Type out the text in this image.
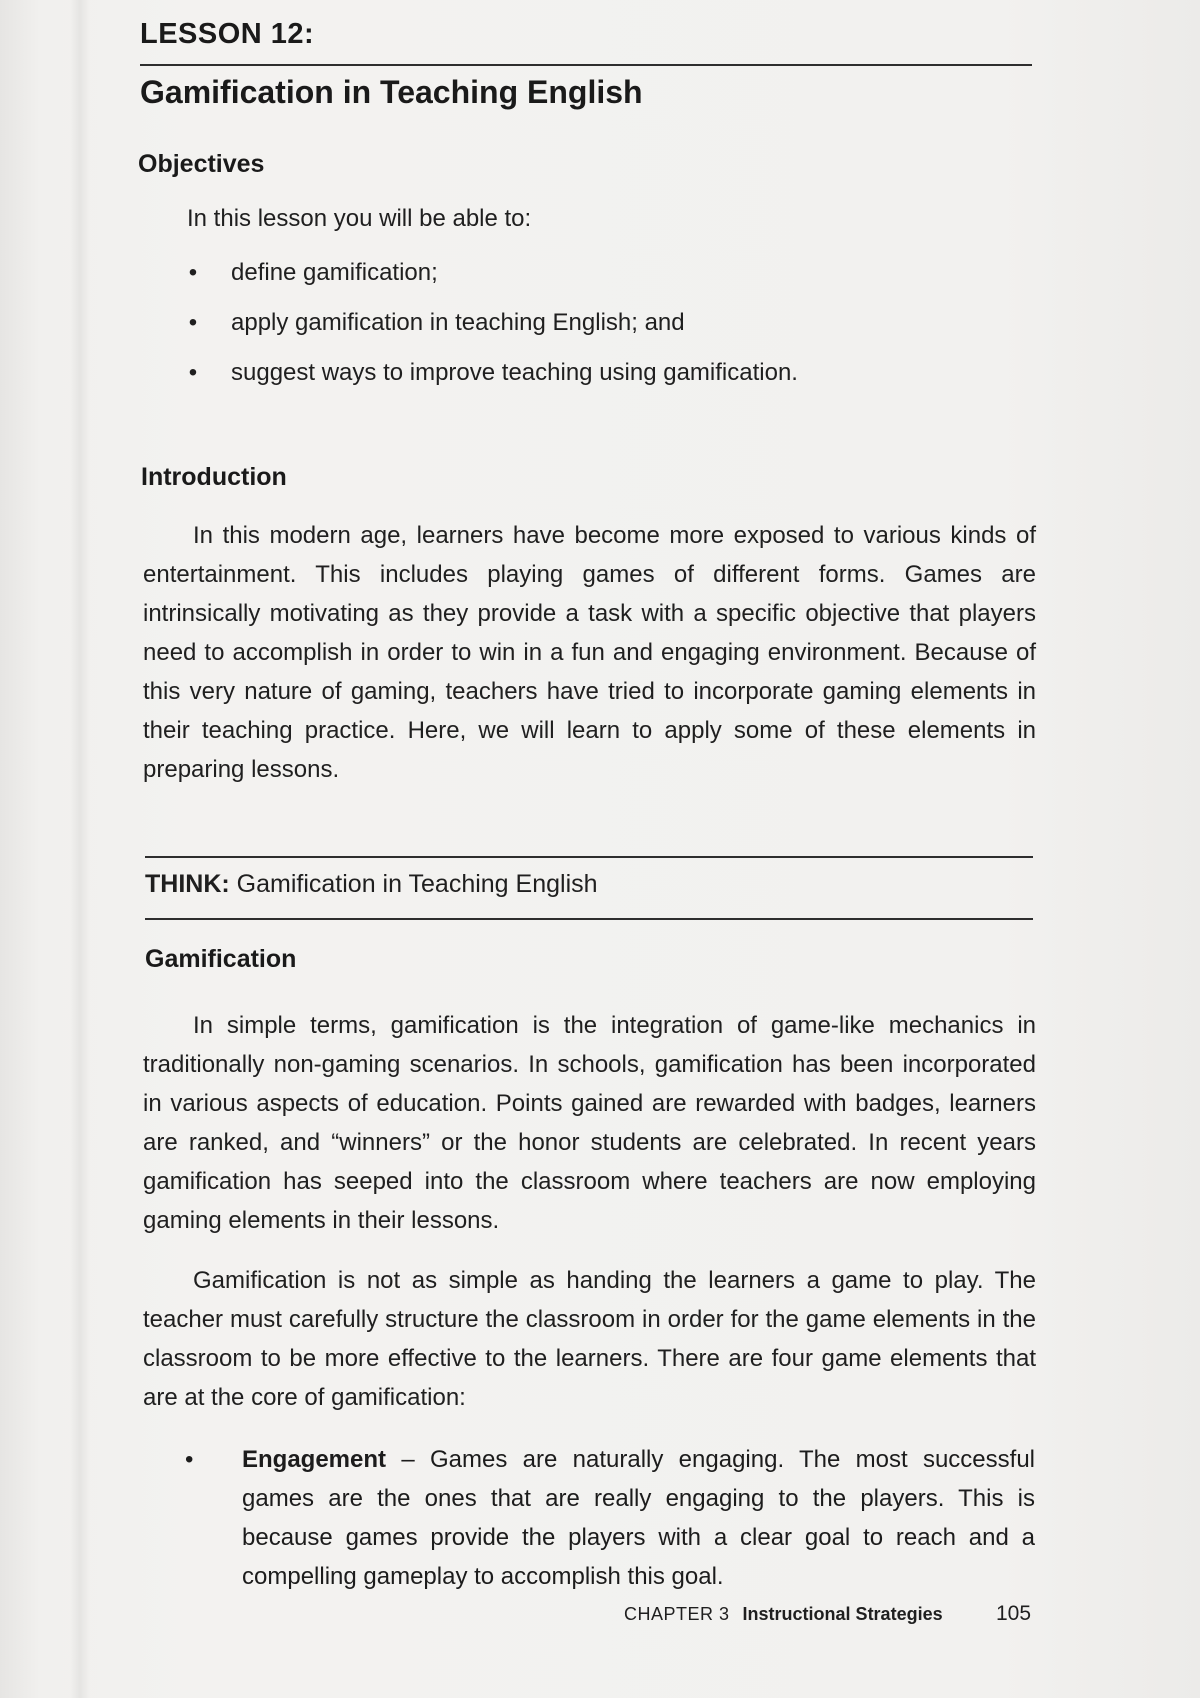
LESSON 12:
Gamification in Teaching English
Objectives
In this lesson you will be able to:
• define gamification;
• apply gamification in teaching English; and
• suggest ways to improve teaching using gamification.
Introduction

In this modern age, learners have become more exposed to various kinds of entertainment. This includes playing games of different forms. Games are intrinsically motivating as they provide a task with a specific objective that players need to accomplish in order to win in a fun and engaging environment. Because of this very nature of gaming, teachers have tried to incorporate gaming elements in their teaching practice. Here, we will learn to apply some of these elements in preparing lessons.

THINK: Gamification in Teaching English
Gamification

In simple terms, gamification is the integration of game-like mechanics in traditionally non-gaming scenarios. In schools, gamification has been incorporated in various aspects of education. Points gained are rewarded with badges, learners are ranked, and “winners” or the honor students are celebrated. In recent years gamification has seeped into the classroom where teachers are now employing gaming elements in their lessons.

Gamification is not as simple as handing the learners a game to play. The teacher must carefully structure the classroom in order for the game elements in the classroom to be more effective to the learners. There are four game elements that are at the core of gamification:

• Engagement – Games are naturally engaging. The most successful games are the ones that are really engaging to the players. This is because games provide the players with a clear goal to reach and a compelling gameplay to accomplish this goal.

CHAPTER 3 Instructional Strategies	105
